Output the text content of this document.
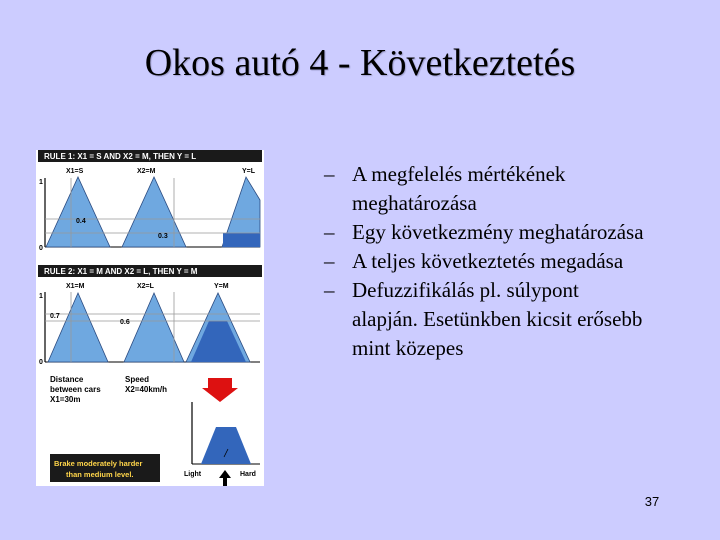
Okos autó 4 - Következtetés
RULE 1: X1 = S AND X2 = M, THEN Y = L
X1=S	X2=M	Y=L
1
0
0.4
0.3
RULE 2: X1 = M AND X2 = L, THEN Y = M
X1=M	X2=L	Y=M
1
0
0.7
0.6
Distance
between cars
X1=30m
Speed
X2=40km/h
Light	Hard
Brake moderately harder
than medium level.
– A megfelelés mértékének meghatározása
– Egy következmény meghatározása
– A teljes következtetés megadása
– Defuzzifikálás pl. súlypont alapján. Esetünkben kicsit erősebb mint közepes
37
